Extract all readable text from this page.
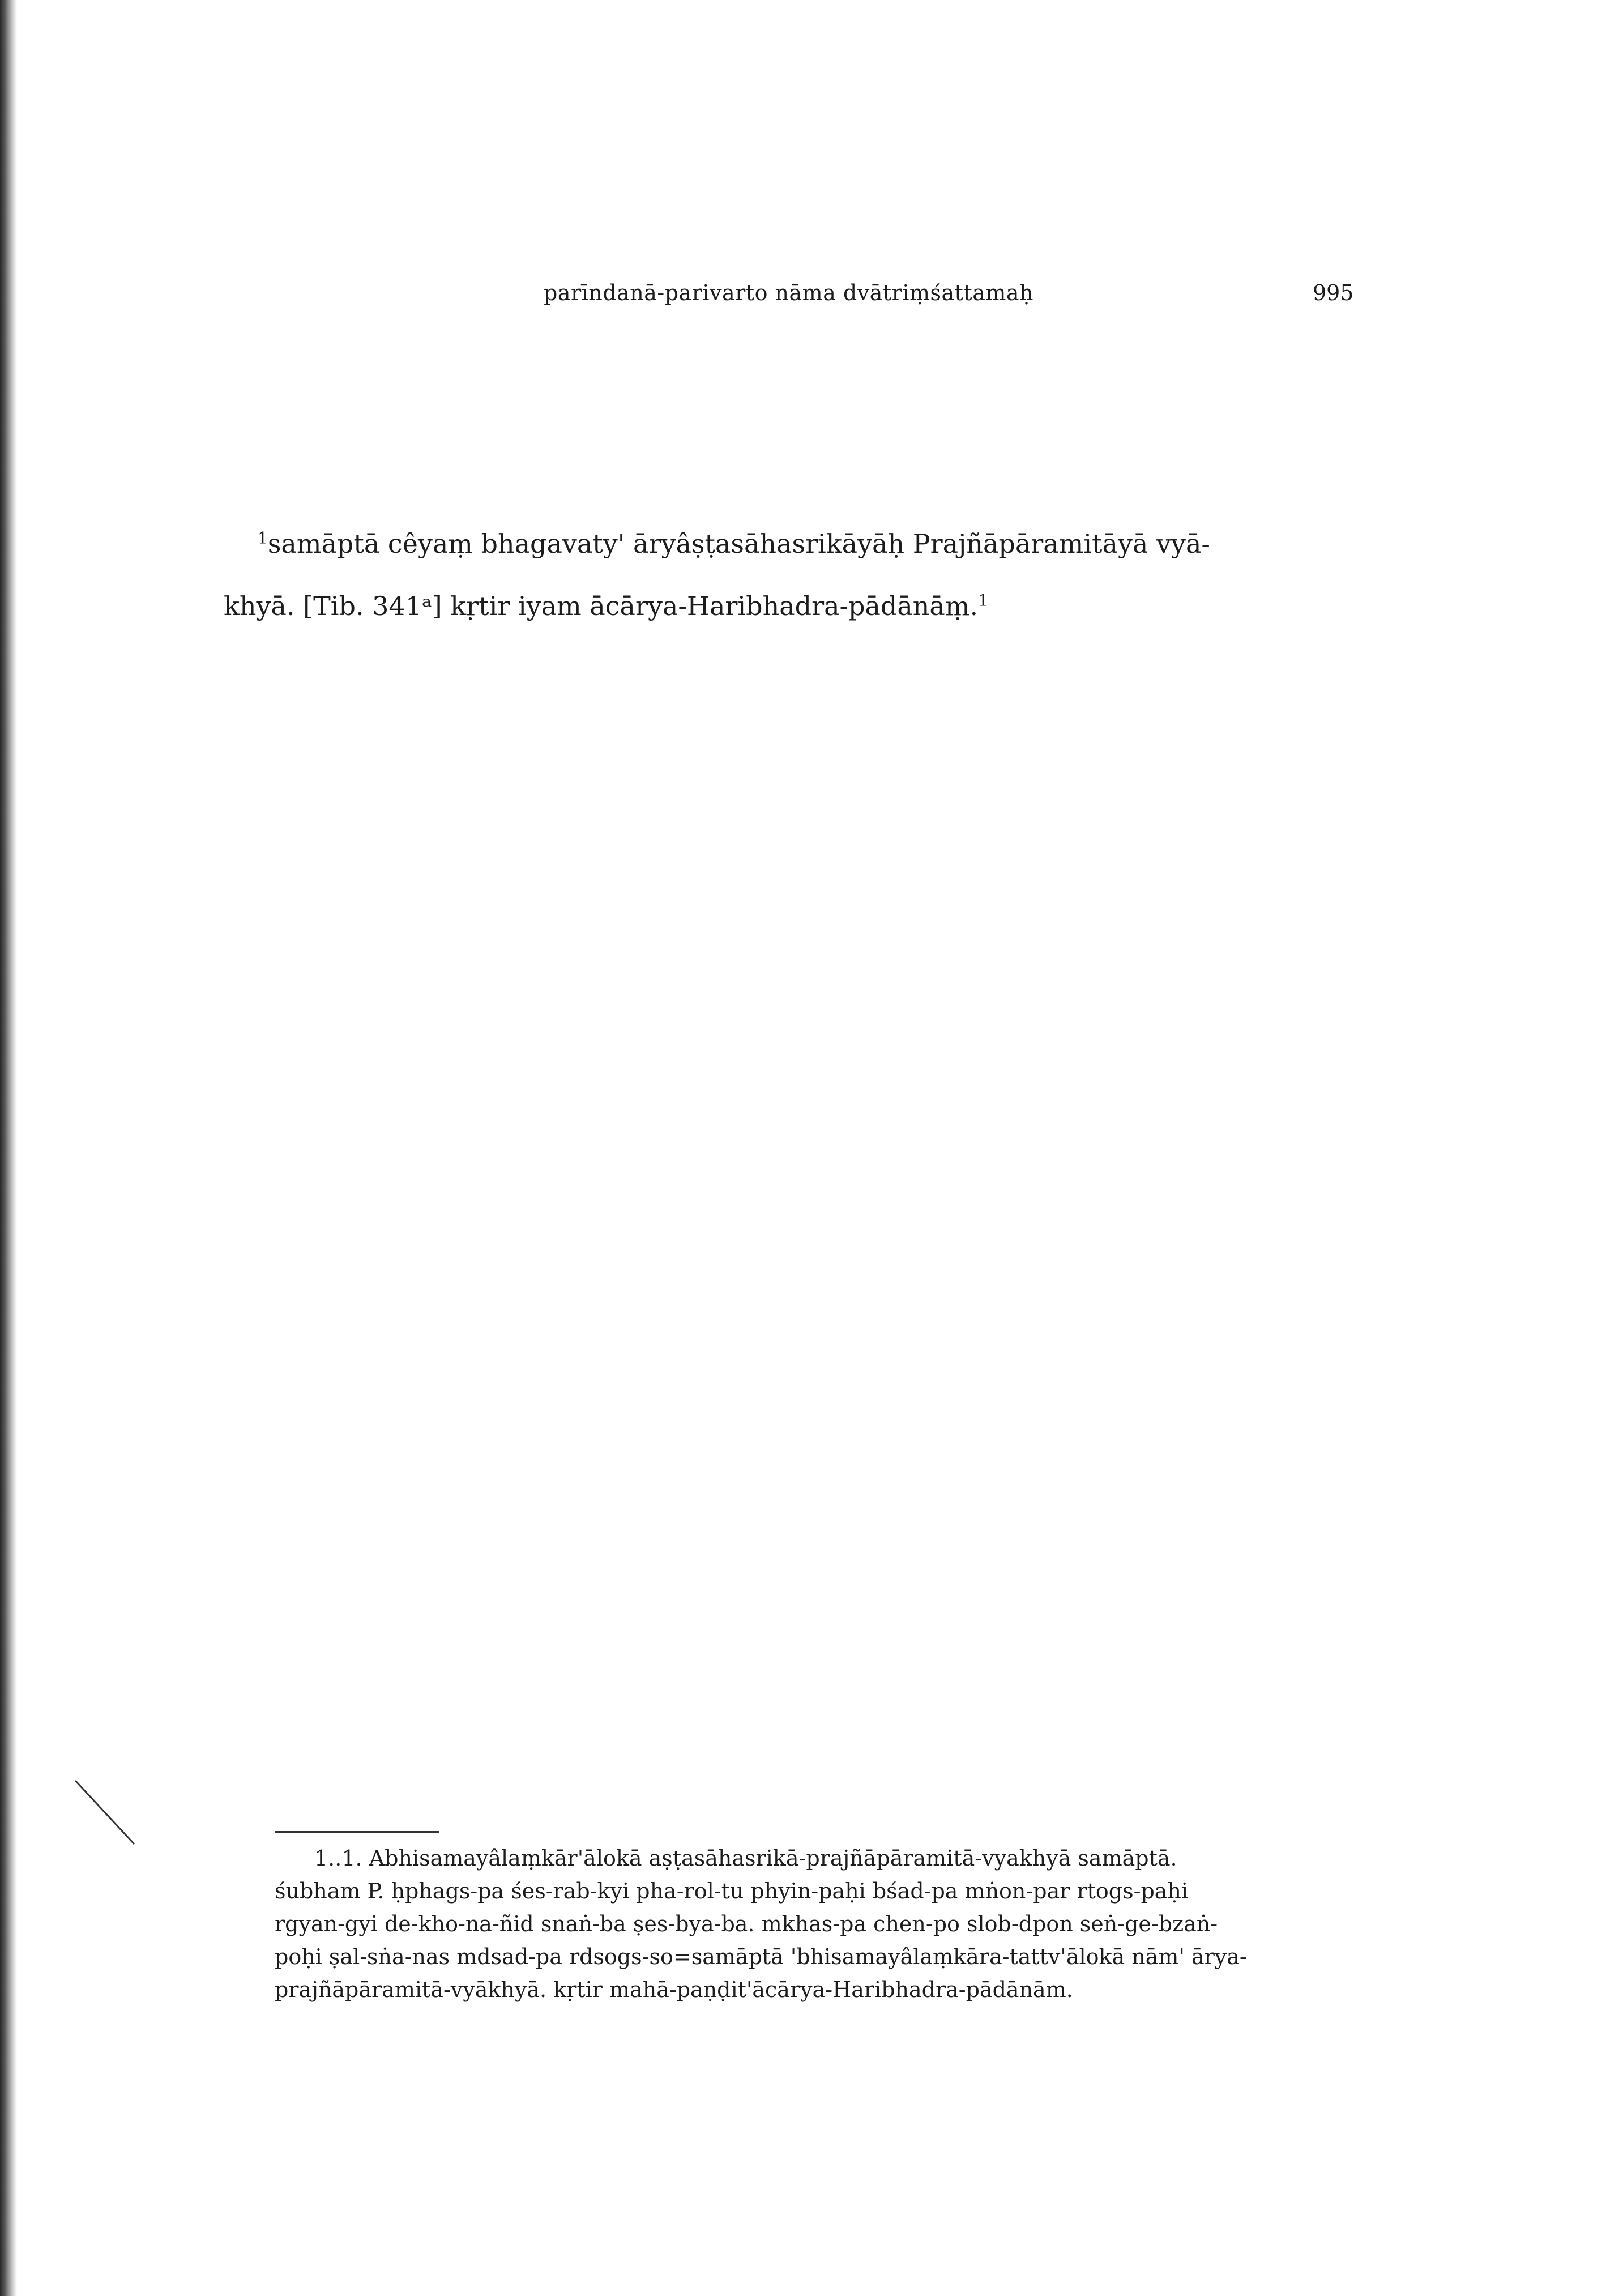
parīndanā-parivarto nāma dvātriṃśattamaḥ	995
$^1$samāptā cêyaṃ bhagavaty' āryâṣṭasāhasrikāyāḥ Prajñāpāramitāyā vyā-
khyā. [Tib. 341ᵃ] kṛtir iyam ācārya-Haribhadra-pādānāṃ.$^1$
1..1. Abhisamayâlaṃkār'ālokā aṣṭasāhasrikā-prajñāpāramitā-vyakhyā samāptā.
śubham P. ḥphags-pa śes-rab-kyi pha-rol-tu phyin-paḥi bśad-pa mṅon-par rtogs-paḥi
rgyan-gyi de-kho-na-ñid snaṅ-ba ṣes-bya-ba. mkhas-pa chen-po slob-dpon seṅ-ge-bzaṅ-
poḥi ṣal-sṅa-nas mdsad-pa rdsogs-so=samāptā 'bhisamayâlaṃkāra-tattv'ālokā nām' ārya-
prajñāpāramitā-vyākhyā. kṛtir mahā-paṇḍit'ācārya-Haribhadra-pādānām.
